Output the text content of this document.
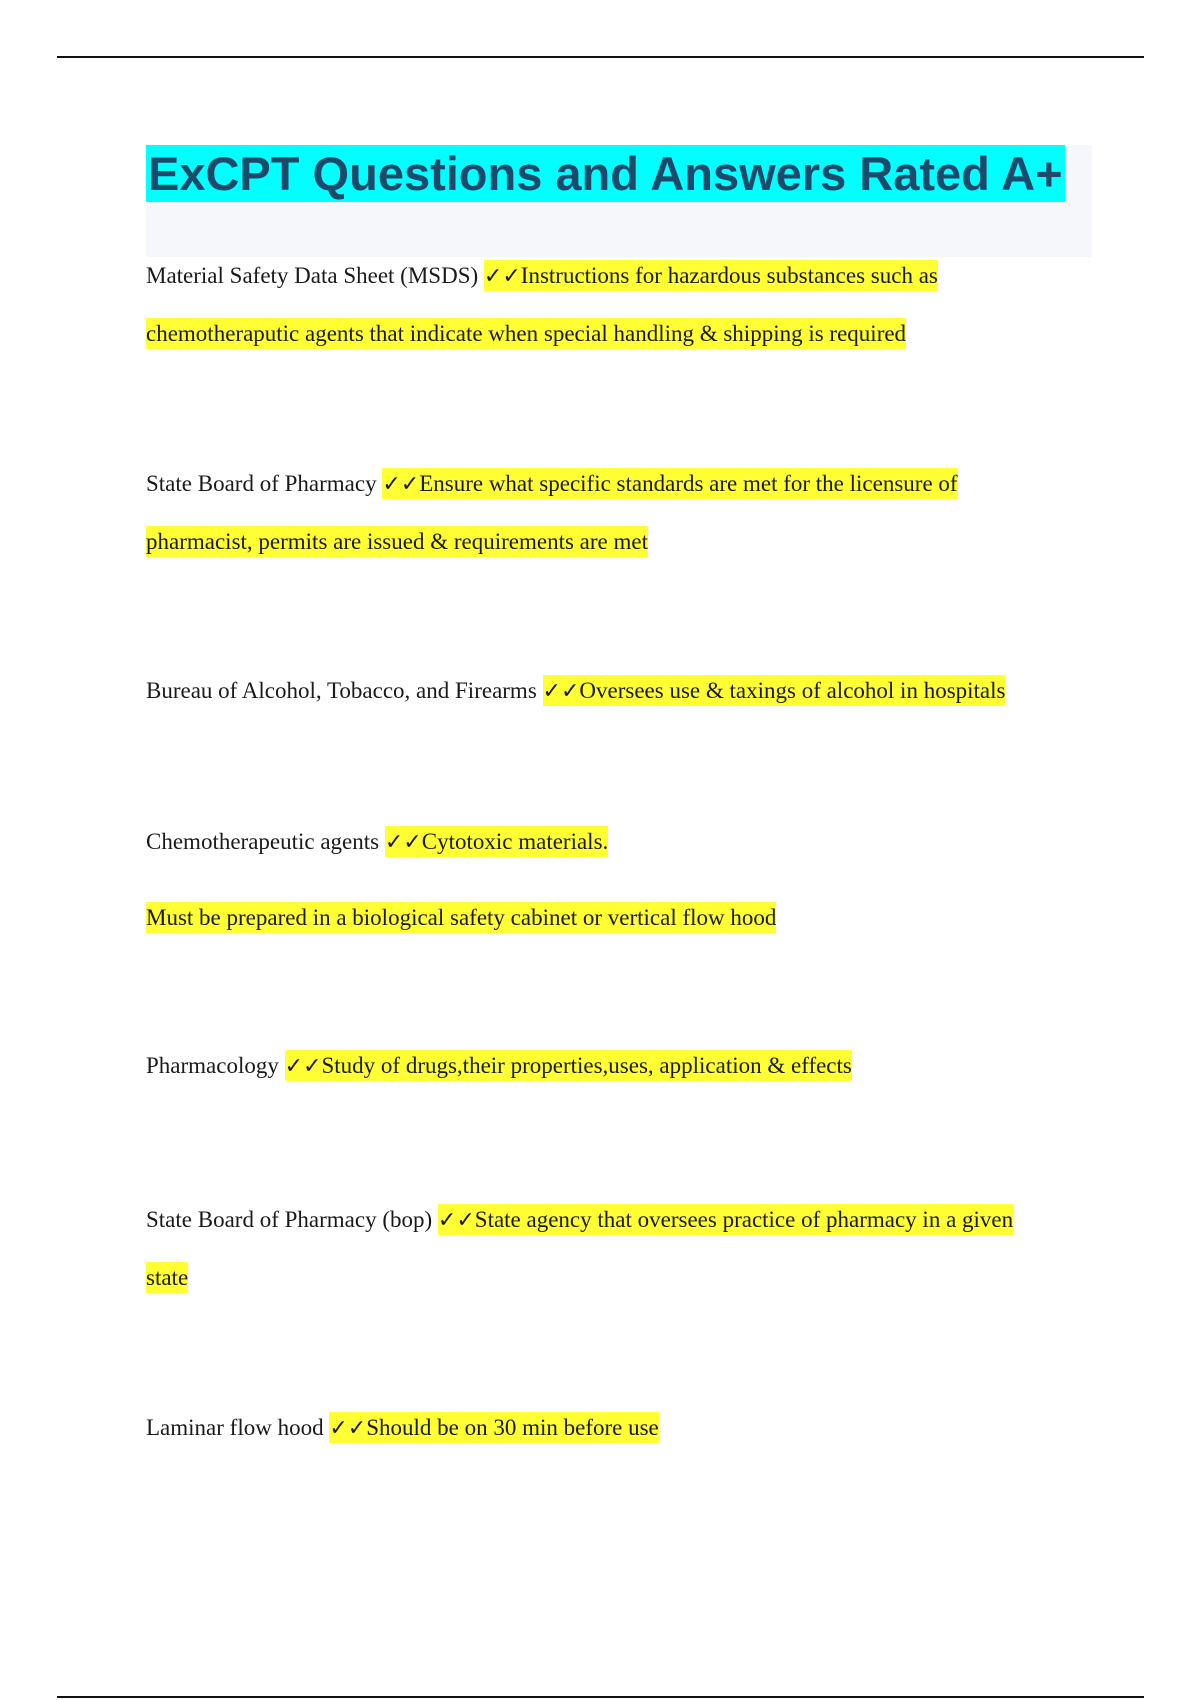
ExCPT Questions and Answers Rated A+
Material Safety Data Sheet (MSDS) ✓✓Instructions for hazardous substances such as
chemotheraputic agents that indicate when special handling & shipping is required
State Board of Pharmacy ✓✓Ensure what specific standards are met for the licensure of
pharmacist, permits are issued & requirements are met
Bureau of Alcohol, Tobacco, and Firearms ✓✓Oversees use & taxings of alcohol in hospitals
Chemotherapeutic agents ✓✓Cytotoxic materials.
Must be prepared in a biological safety cabinet or vertical flow hood
Pharmacology ✓✓Study of drugs,their properties,uses, application & effects
State Board of Pharmacy (bop) ✓✓State agency that oversees practice of pharmacy in a given
state
Laminar flow hood ✓✓Should be on 30 min before use
